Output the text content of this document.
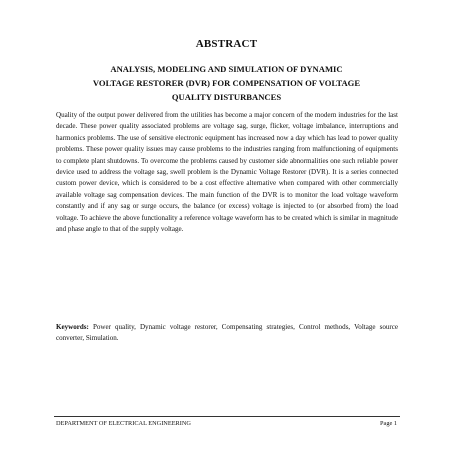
ABSTRACT
ANALYSIS, MODELING AND SIMULATION OF DYNAMIC
VOLTAGE RESTORER (DVR) FOR COMPENSATION OF VOLTAGE
QUALITY DISTURBANCES

Quality of the output power delivered from the utilities has become a major concern of the modern industries for the last decade. These power quality associated problems are voltage sag, surge, flicker, voltage imbalance, interruptions and harmonics problems. The use of sensitive electronic equipment has increased now a day which has lead to power quality problems. These power quality issues may cause problems to the industries ranging from malfunctioning of equipments to complete plant shutdowns. To overcome the problems caused by customer side abnormalities one such reliable power device used to address the voltage sag, swell problem is the Dynamic Voltage Restorer (DVR). It is a series connected custom power device, which is considered to be a cost effective alternative when compared with other commercially available voltage sag compensation devices. The main function of the DVR is to monitor the load voltage waveform constantly and if any sag or surge occurs, the balance (or excess) voltage is injected to (or absorbed from) the load voltage. To achieve the above functionality a reference voltage waveform has to be created which is similar in magnitude and phase angle to that of the supply voltage.

Keywords: Power quality, Dynamic voltage restorer, Compensating strategies, Control methods, Voltage source converter, Simulation.

DEPARTMENT OF ELECTRICAL ENGINEERING	Page 1
